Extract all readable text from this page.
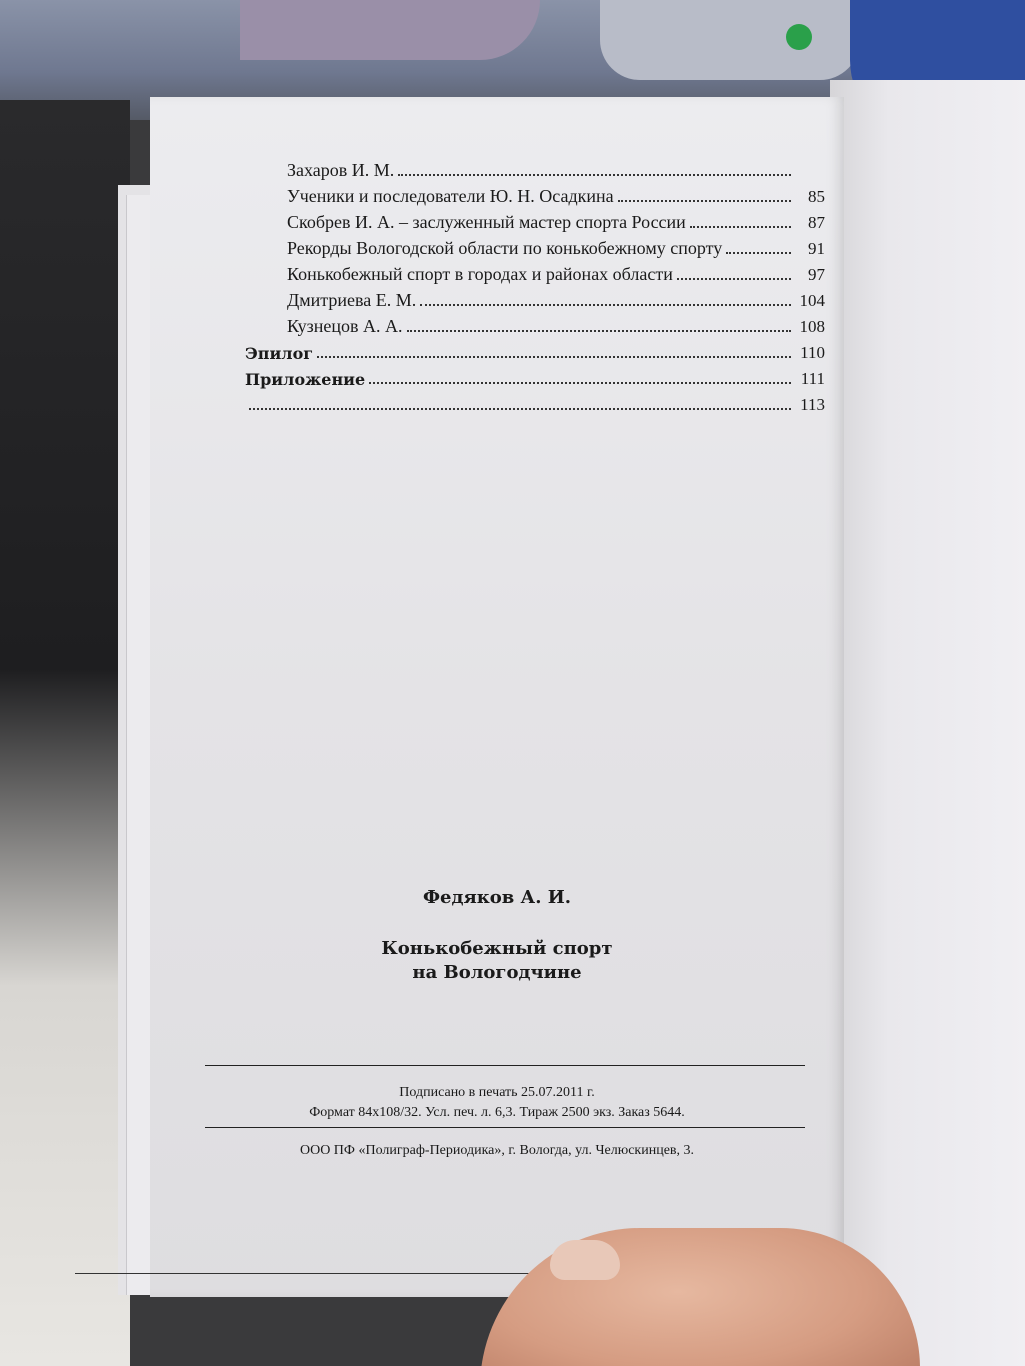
Захаров И. М.
Ученики и последователи Ю. Н. Осадкина	85
Скобрев И. А. – заслуженный мастер спорта России	87
Рекорды Вологодской области по конькобежному спорту	91
Конькобежный спорт в городах и районах области	97
Дмитриева Е. М.	104
Кузнецов А. А.	108
Эпилог	110
Приложение	111
113
Федяков А. И.
Конькобежный спорт
на Вологодчине
Подписано в печать 25.07.2011 г.
Формат 84x108/32. Усл. печ. л. 6,3. Тираж 2500 экз. Заказ 5644.
ООО ПФ «Полиграф-Периодика», г. Вологда, ул. Челюскинцев, 3.
